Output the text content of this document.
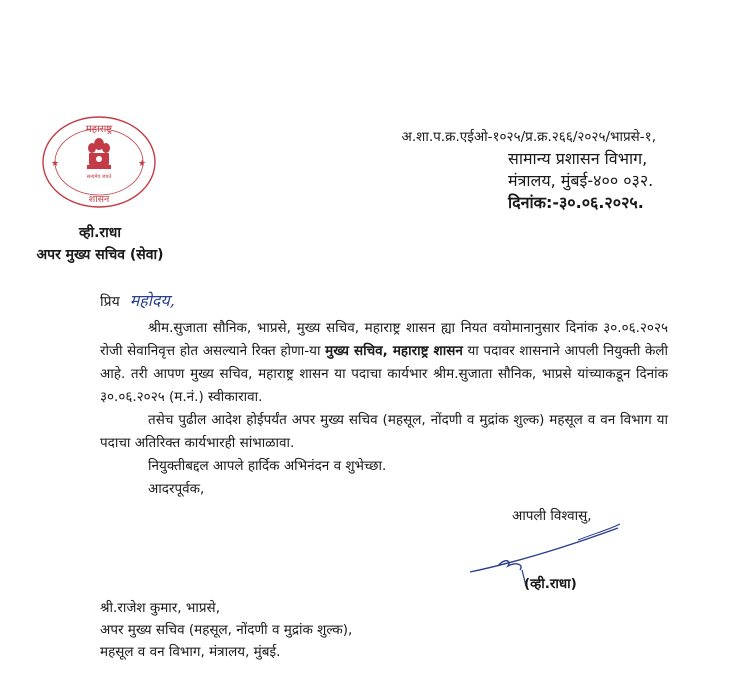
महाराष्ट्र
शासन
★	★
सत्यमेव जयते
व्ही.राधा
अपर मुख्य सचिव (सेवा)
अ.शा.प.क्र.एईओ-१०२५/प्र.क्र.२६६/२०२५/भाप्रसे-१,
सामान्य प्रशासन विभाग,
मंत्रालय, मुंबई-४०० ०३२.
दिनांक:-३०.०६.२०२५.
प्रिय महोदय,

श्रीम.सुजाता सौनिक, भाप्रसे, मुख्य सचिव, महाराष्ट्र शासन ह्या नियत वयोमानानुसार दिनांक ३०.०६.२०२५ रोजी सेवानिवृत्त होत असल्याने रिक्त होणा-या मुख्य सचिव, महाराष्ट्र शासन या पदावर शासनाने आपली नियुक्ती केली आहे. तरी आपण मुख्य सचिव, महाराष्ट्र शासन या पदाचा कार्यभार श्रीम.सुजाता सौनिक, भाप्रसे यांच्याकडून दिनांक ३०.०६.२०२५ (म.नं.) स्वीकारावा.

तसेच पुढील आदेश होईपर्यंत अपर मुख्य सचिव (महसूल, नोंदणी व मुद्रांक शुल्क) महसूल व वन विभाग या पदाचा अतिरिक्त कार्यभारही सांभाळावा.

नियुक्तीबद्दल आपले हार्दिक अभिनंदन व शुभेच्छा.

आदरपूर्वक,

आपली विश्वासु,
(व्ही.राधा)
श्री.राजेश कुमार, भाप्रसे,
अपर मुख्य सचिव (महसूल, नोंदणी व मुद्रांक शुल्क),
महसूल व वन विभाग, मंत्रालय, मुंबई.
